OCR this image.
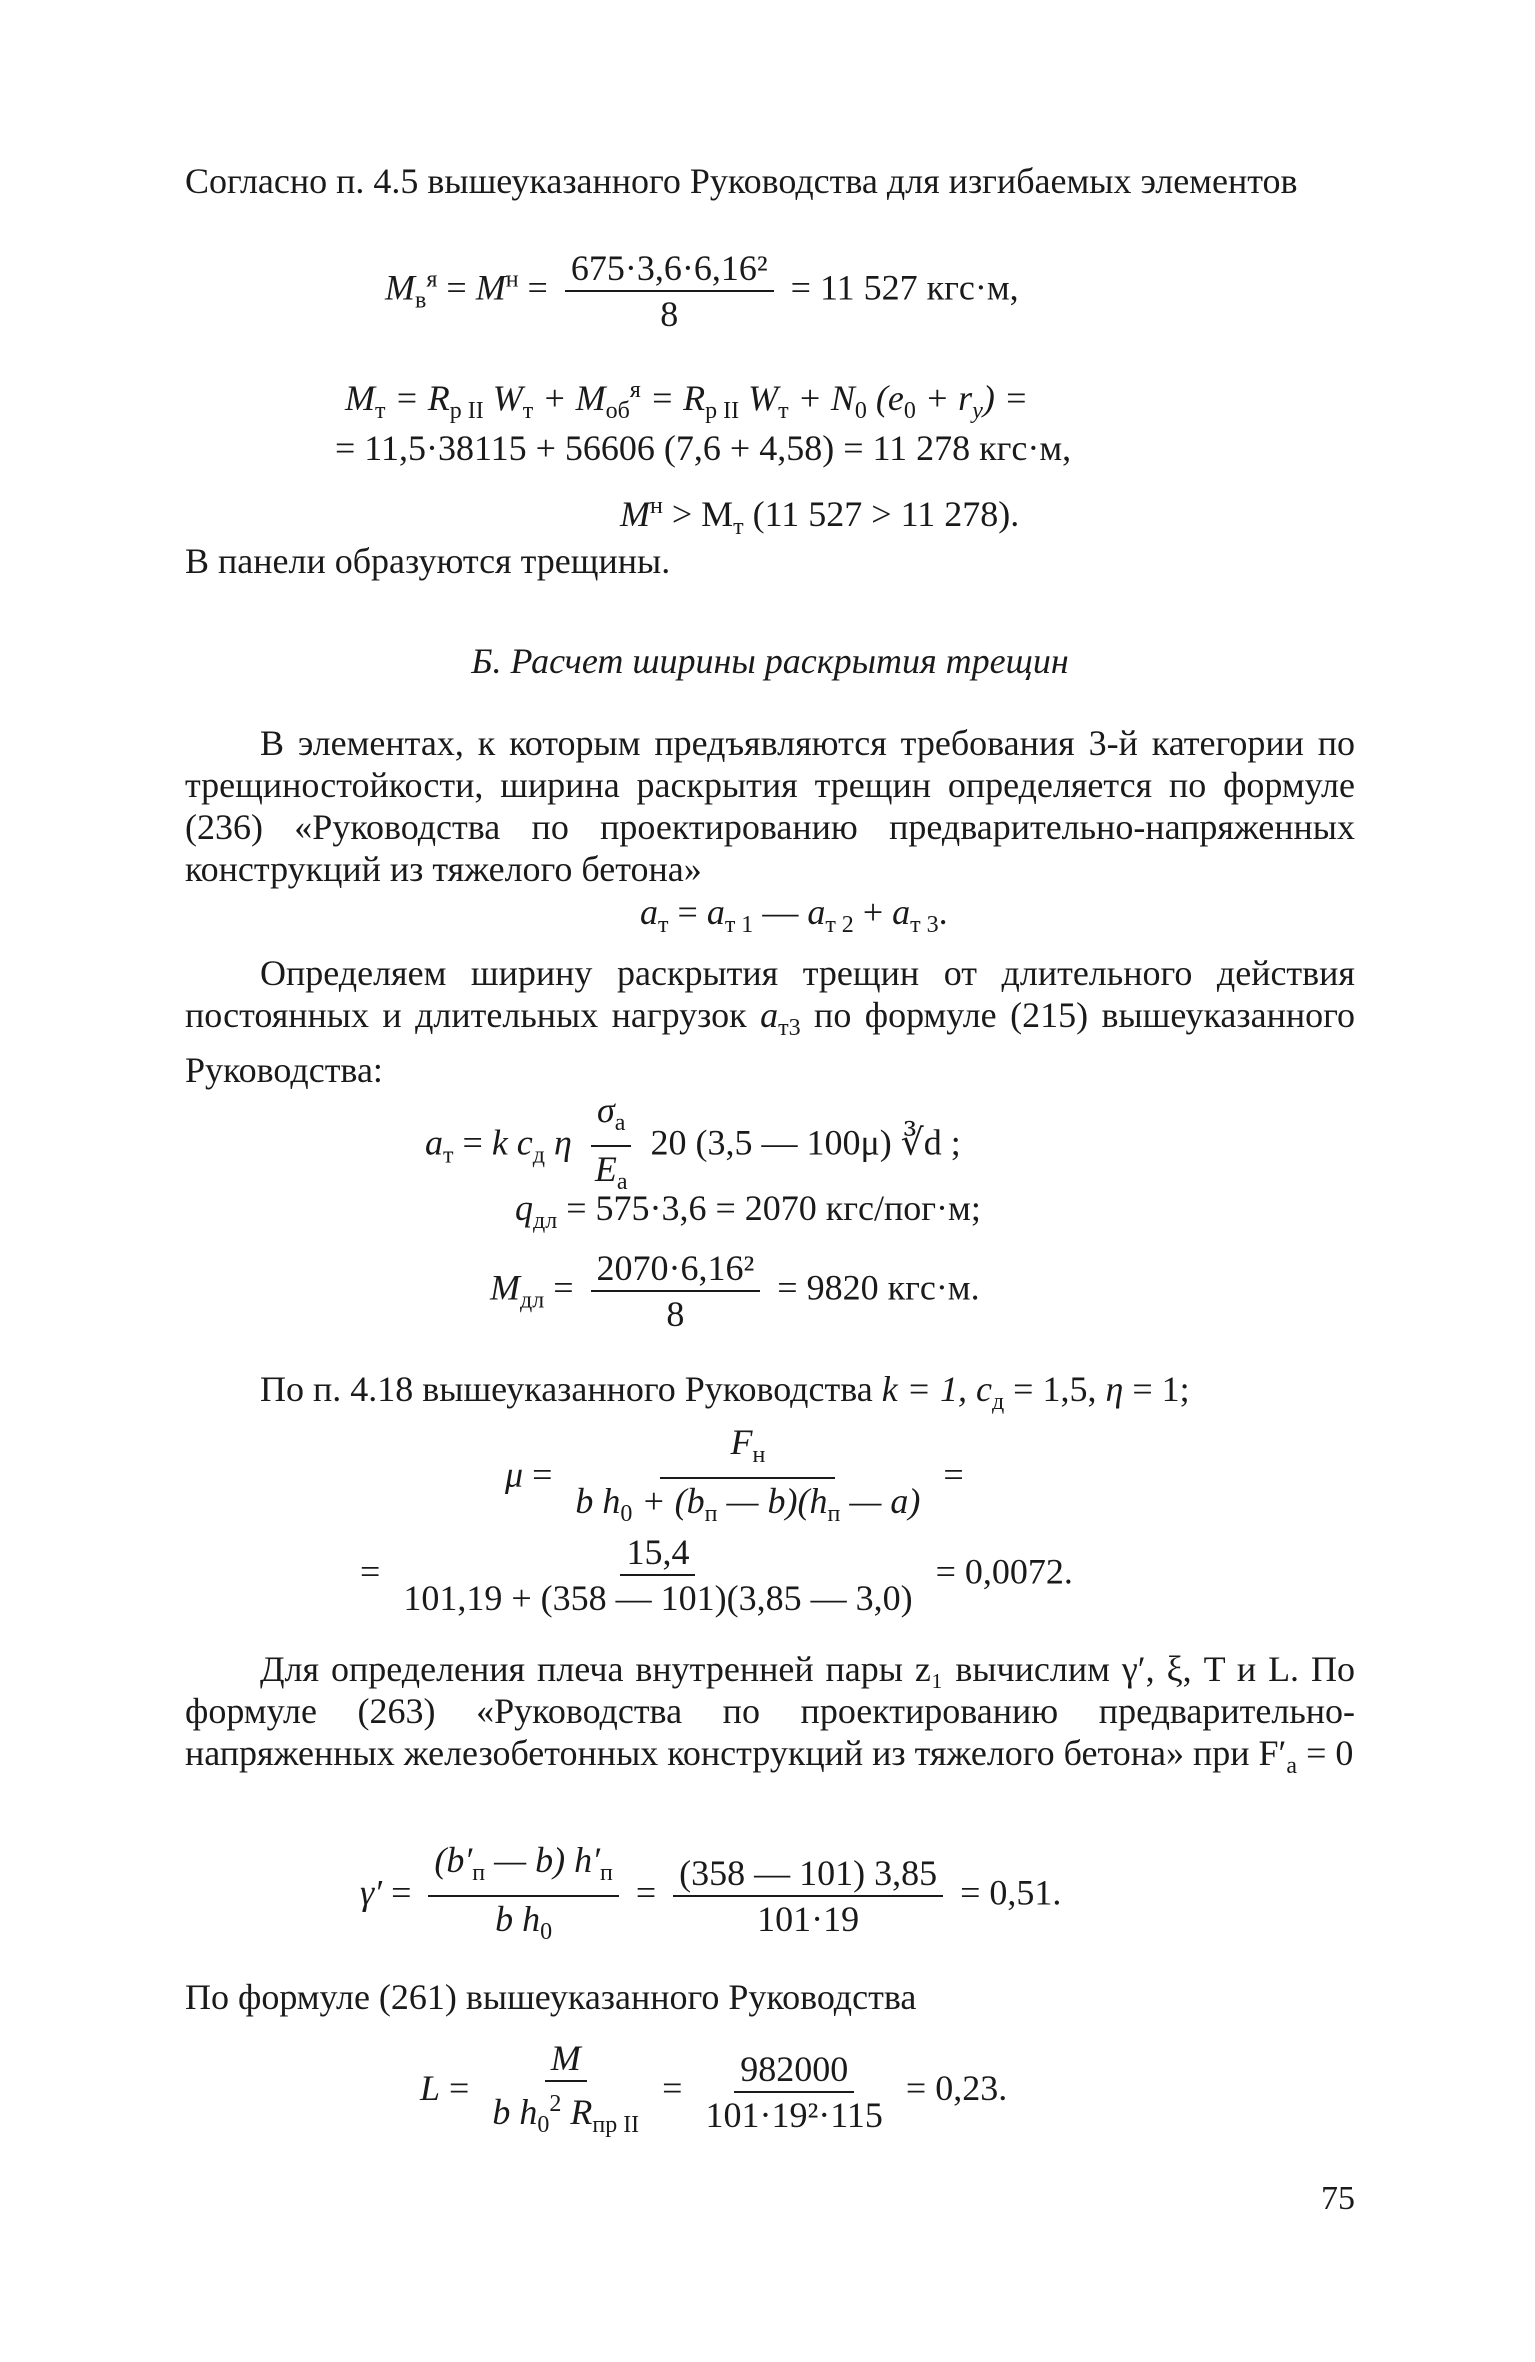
Согласно п. 4.5 вышеуказанного Руководства для изгибаемых элементов

$M_в^я = M^н = \frac{\text{675·3,6·6,16²}}{8} = 11$ 527 кгс·м,
$M_т = R_{р II}$ $W_т + M_{об}^я = R_{р II}$ $W_т + N_0$ $(e_0 + r_y)$ =
= 11,5·38115 + 56606 (7,6 + 4,58) = 11 278 кгс·м,
$M^н > M_т$ (11 527 > 11 278).

В панели образуются трещины.

Б. Расчет ширины раскрытия трещин

В элементах, к которым предъявляются требования 3-й категории по трещиностойкости, ширина раскрытия трещин определяется по формуле (236) «Руководства по проектированию предварительно-напряженных конструкций из тяжелого бетона»

$a_т = a_{т 1}$ — $a_{т 2} + a_{т 3}$.

Определяем ширину раскрытия трещин от длительного действия постоянных и длительных нагрузок $a_{т3}$ по формуле (215) вышеуказанного Руководства:

$a_т = k$ $c_д$ η $\frac{\sigma_a}{E_a} 20$ (3,5 — 100μ) ∛d ;
$q_{дл} = 575\cdot 3,6 = 2070$ кгс/пог·м;
$M_{дл} = \frac{\text{2070·6,16²}}{8} = 9820$ кгс·м.

По п. 4.18 вышеуказанного Руководства k = 1, $c_д = 1,5$, η = 1;

$\mu = \frac{F_н}{b h_0 + (b_п — b)(h_п — a)}$ =
= $\frac{15,4}{101,19 + (358 — 101)(3,85 — 3,0)} = 0,0072$.

Для определения плеча внутренней пары z₁ вычислим γ′, ξ, T и L. По формуле (263) «Руководства по проектированию предварительно-напряженных железобетонных конструкций из тяжелого бетона» при $F'_a = 0$

$\gamma' = \frac{(b'_п — b) h'_п}{b h_0} = \frac{(358 — 101) 3,85}{101\cdot 19} = 0,51$.

По формуле (261) вышеуказанного Руководства

$L = \frac{M}{b h_0^2 R_{пр II}} = \frac{982000}{\text{101·19²·115}} = 0,23$.
75
